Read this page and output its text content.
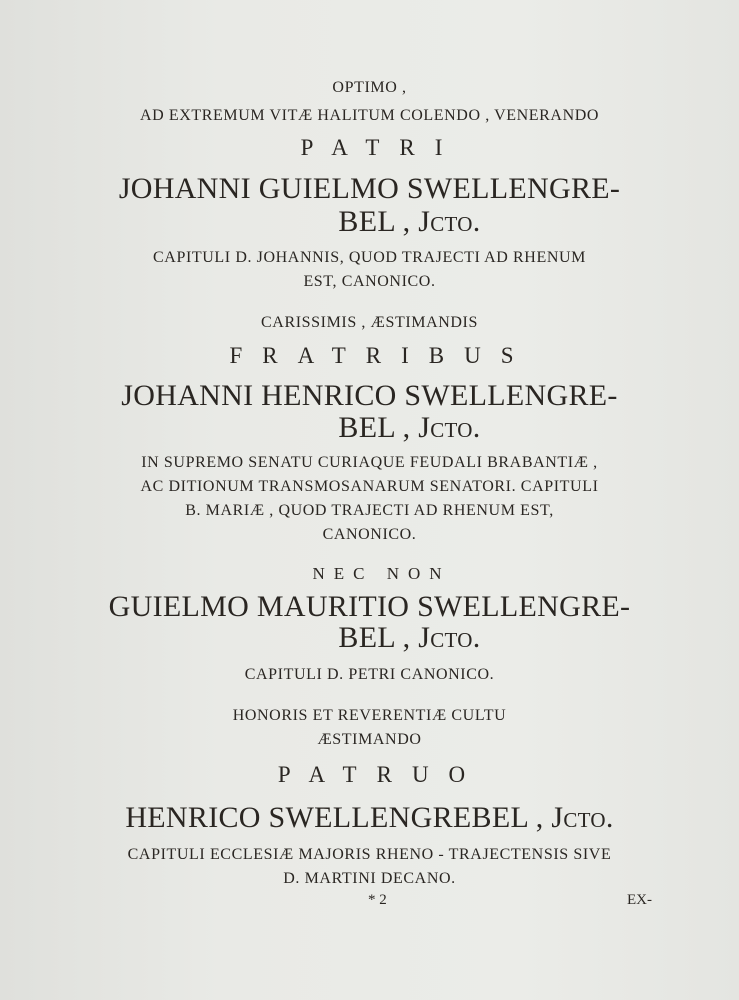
OPTIMO ,
AD EXTREMUM VITÆ HALITUM COLENDO , VENERANDO
PATRI
JOHANNI GUIELMO SWELLENGRE-
BEL , Jcto.
CAPITULI D. JOHANNIS, QUOD TRAJECTI AD RHENUM
EST, CANONICO.
CARISSIMIS , ÆSTIMANDIS
FRATRIBUS
JOHANNI HENRICO SWELLENGRE-
BEL , Jcto.
IN SUPREMO SENATU CURIAQUE FEUDALI BRABANTIÆ ,
AC DITIONUM TRANSMOSANARUM SENATORI. CAPITULI
B. MARIÆ , QUOD TRAJECTI AD RHENUM EST,
CANONICO.
NEC NON
GUIELMO MAURITIO SWELLENGRE-
BEL , Jcto.
CAPITULI D. PETRI CANONICO.
HONORIS ET REVERENTIÆ CULTU
ÆSTIMANDO
PATRUO
HENRICO SWELLENGREBEL , Jcto.
CAPITULI ECCLESIÆ MAJORIS RHENO - TRAJECTENSIS SIVE
D. MARTINI DECANO.
* 2	EX-
